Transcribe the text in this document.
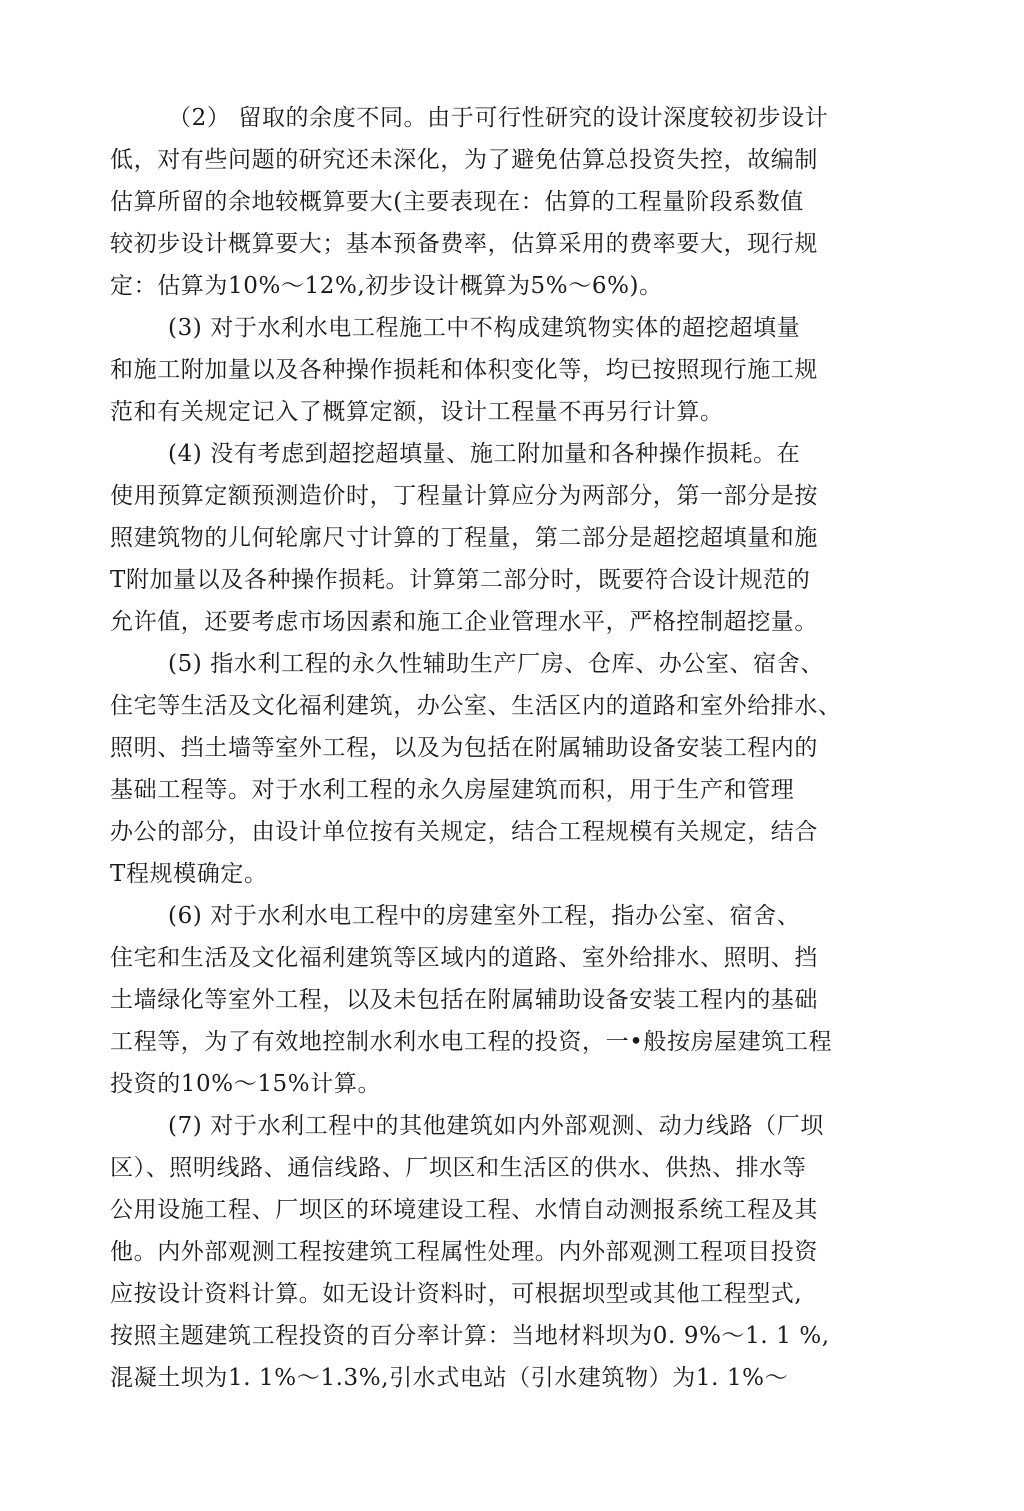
（2） 留取的余度不同。由于可行性研究的设计深度较初步设计
低，对有些问题的研究还未深化，为了避免估算总投资失控，故编制
估算所留的余地较概算要大(主要表现在：估算的工程量阶段系数值
较初步设计概算要大；基本预备费率，估算采用的费率要大，现行规
定：估算为10%～12%,初步设计概算为5%～6%)。
(3) 对于水利水电工程施工中不构成建筑物实体的超挖超填量
和施工附加量以及各种操作损耗和体积变化等，均已按照现行施工规
范和有关规定记入了概算定额，设计工程量不再另行计算。
(4) 没有考虑到超挖超填量、施工附加量和各种操作损耗。在
使用预算定额预测造价时，丁程量计算应分为两部分，第一部分是按
照建筑物的儿何轮廓尺寸计算的丁程量，第二部分是超挖超填量和施
T附加量以及各种操作损耗。计算第二部分时，既要符合设计规范的
允许值，还要考虑市场因素和施工企业管理水平，严格控制超挖量。
(5) 指水利工程的永久性辅助生产厂房、仓库、办公室、宿舍、
住宅等生活及文化福利建筑，办公室、生活区内的道路和室外给排水、
照明、挡土墙等室外工程，以及为包括在附属辅助设备安装工程内的
基础工程等。对于水利工程的永久房屋建筑而积，用于生产和管理
办公的部分，由设计单位按有关规定，结合工程规模有关规定，结合
T程规模确定。
(6) 对于水利水电工程中的房建室外工程，指办公室、宿舍、
住宅和生活及文化福利建筑等区域内的道路、室外给排水、照明、挡
土墙绿化等室外工程，以及未包括在附属辅助设备安装工程内的基础
工程等，为了有效地控制水利水电工程的投资，一•般按房屋建筑工程
投资的10%～15%计算。
(7) 对于水利工程中的其他建筑如内外部观测、动力线路（厂坝
区）、照明线路、通信线路、厂坝区和生活区的供水、供热、排水等
公用设施工程、厂坝区的环境建设工程、水情自动测报系统工程及其
他。内外部观测工程按建筑工程属性处理。内外部观测工程项目投资
应按设计资料计算。如无设计资料时，可根据坝型或其他工程型式,
按照主题建筑工程投资的百分率计算：当地材料坝为0. 9%～1. 1 %,
混凝土坝为1. 1%～1.3%,引水式电站（引水建筑物）为1. 1%～
